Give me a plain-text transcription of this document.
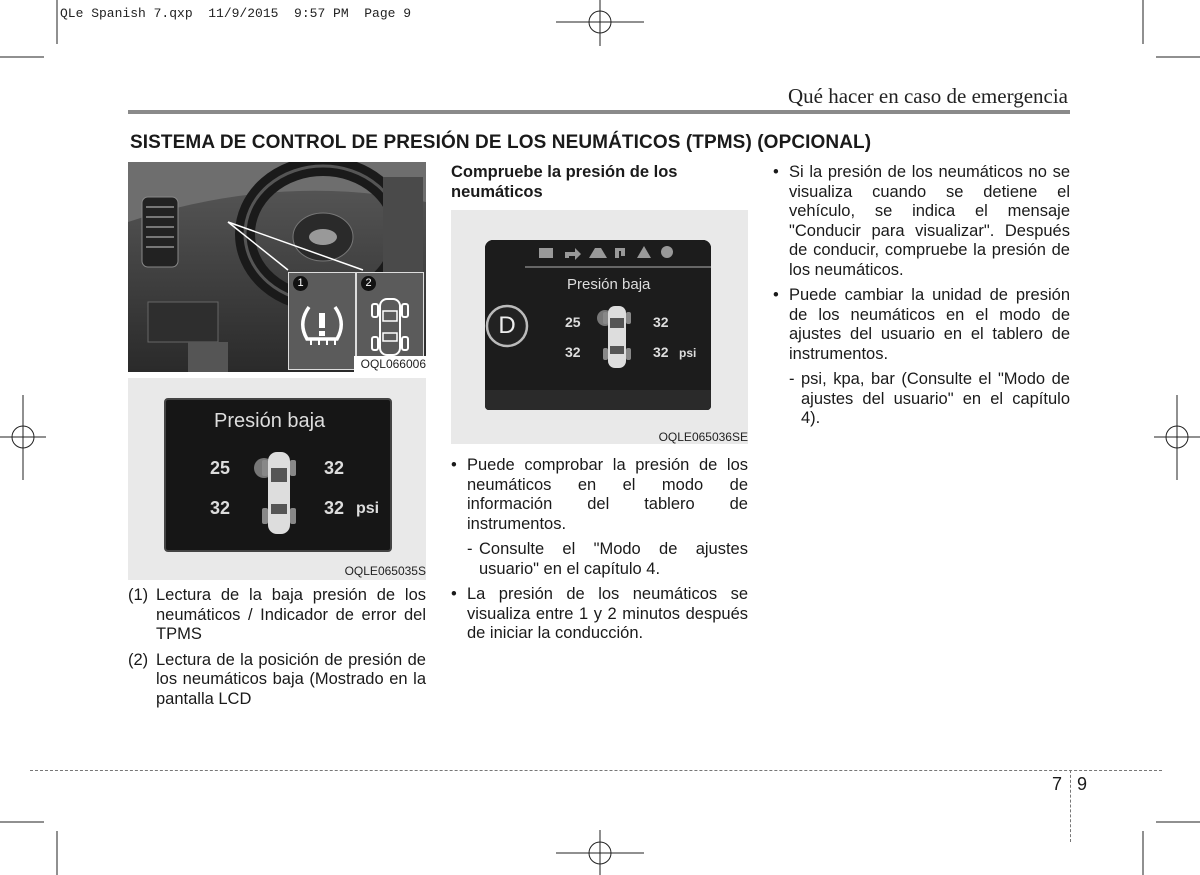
QLe Spanish 7.qxp  11/9/2015  9:57 PM  Page 9
Qué hacer en caso de emergencia
SISTEMA DE CONTROL DE PRESIÓN DE LOS NEUMÁTICOS (TPMS) (OPCIONAL)
1	2
OQL066006
Presión baja
25	32
32	32 psi
OQLE065035S
D
Presión baja
25	32
32	32 psi
OQLE065036SE
(1) Lectura de la baja presión de los neumáticos / Indicador de error del TPMS

(2) Lectura de la posición de presión de los neumáticos baja (Mostrado en la pantalla LCD

Compruebe la presión de los neumáticos
• Puede comprobar la presión de los neumáticos en el modo de información del tablero de instrumentos.

- Consulte el "Modo de ajustes usuario" en el capítulo 4.

• La presión de los neumáticos se visualiza entre 1 y 2 minutos después de iniciar la conducción.

• Si la presión de los neumáticos no se visualiza cuando se detiene el vehículo, se indica el mensaje "Conducir para visualizar". Después de conducir, compruebe la presión de los neumáticos.

• Puede cambiar la unidad de presión de los neumáticos en el modo de ajustes del usuario en el tablero de instrumentos.

- psi, kpa, bar (Consulte el "Modo de ajustes del usuario" en el capítulo 4).

7 9
